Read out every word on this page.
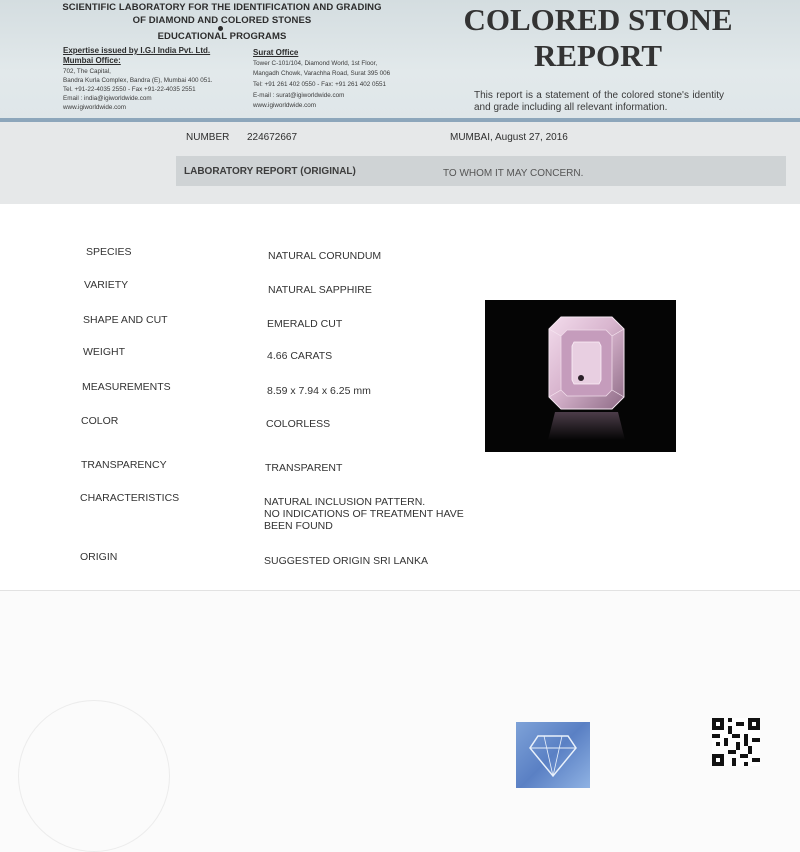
SCIENTIFIC LABORATORY FOR THE IDENTIFICATION AND GRADING
OF DIAMOND AND COLORED STONES
EDUCATIONAL PROGRAMS
Expertise issued by I.G.I India Pvt. Ltd.
Mumbai Office:
702, The Capital,
Bandra Kurla Complex, Bandra (E), Mumbai 400 051.
Tel. +91-22-4035 2550 - Fax +91-22-4035 2551
Email : india@igiworldwide.com
www.igiworldwide.com
Surat Office
Tower C-101/104, Diamond World, 1st Floor,
Mangadh Chowk, Varachha Road, Surat 395 006
Tel: +91 261 402 0550 - Fax: +91 261 402 0551
E-mail : surat@igiworldwide.com
www.igiworldwide.com
COLORED STONE
REPORT
This report is a statement of the colored stone's identity and grade including all relevant information.
NUMBER 224672667	MUMBAI, August 27, 2016
LABORATORY REPORT (ORIGINAL)	TO WHOM IT MAY CONCERN.
SPECIES	NATURAL CORUNDUM
VARIETY	NATURAL SAPPHIRE
SHAPE AND CUT	EMERALD CUT
WEIGHT	4.66 CARATS
MEASUREMENTS	8.59 x 7.94 x 6.25 mm
COLOR	COLORLESS
TRANSPARENCY	TRANSPARENT
CHARACTERISTICS	NATURAL INCLUSION PATTERN.
NO INDICATIONS OF TREATMENT HAVE
BEEN FOUND
ORIGIN	SUGGESTED ORIGIN SRI LANKA
